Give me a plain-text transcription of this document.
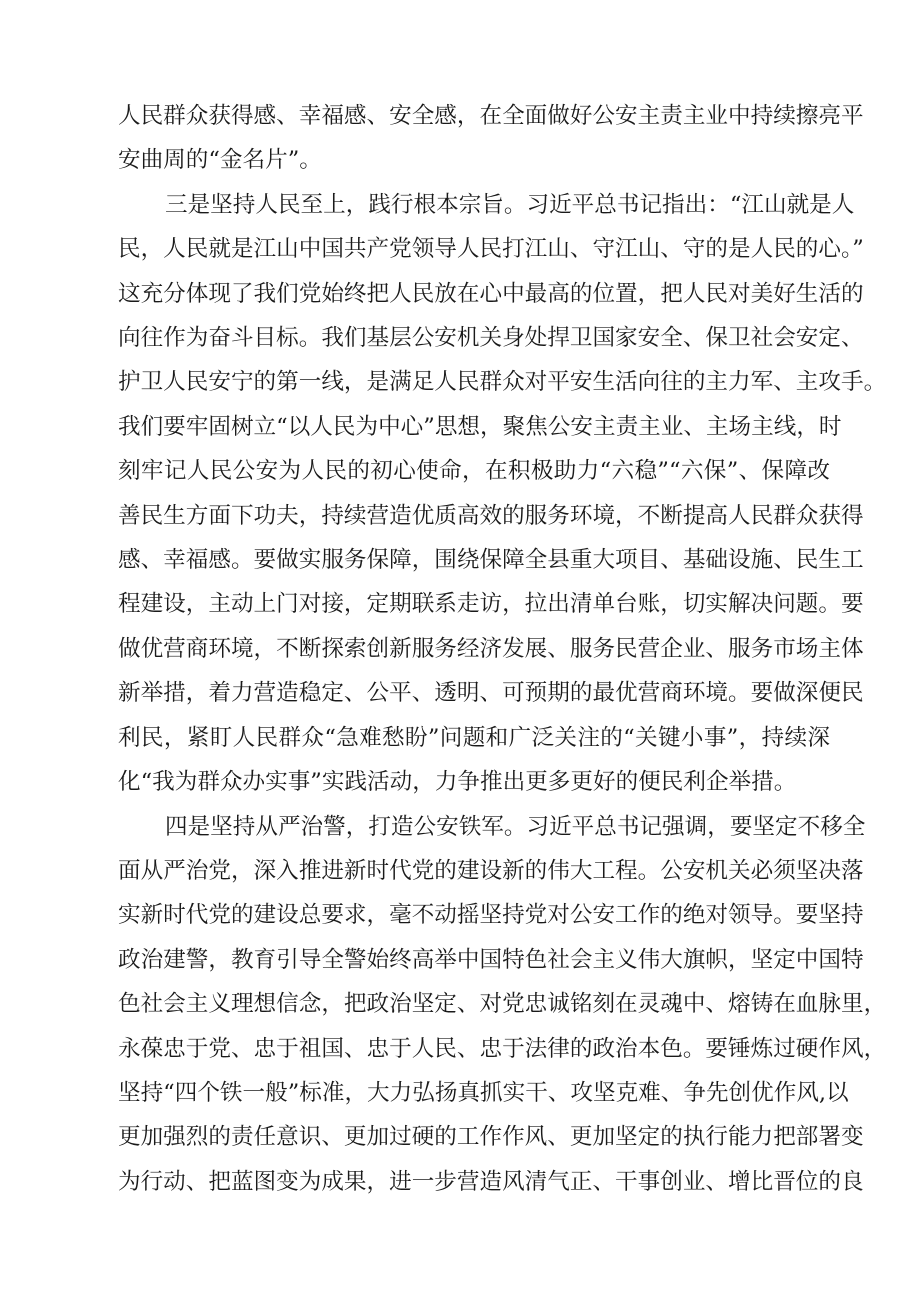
人民群众获得感、幸福感、安全感，在全面做好公安主责主业中持续擦亮平
安曲周的“金名片”。
三是坚持人民至上，践行根本宗旨。习近平总书记指出：“江山就是人
民，人民就是江山中国共产党领导人民打江山、守江山、守的是人民的心。”
这充分体现了我们党始终把人民放在心中最高的位置，把人民对美好生活的
向往作为奋斗目标。我们基层公安机关身处捍卫国家安全、保卫社会安定、
护卫人民安宁的第一线，是满足人民群众对平安生活向往的主力军、主攻手。
我们要牢固树立“以人民为中心”思想，聚焦公安主责主业、主场主线，时
刻牢记人民公安为人民的初心使命，在积极助力“六稳”“六保”、保障改
善民生方面下功夫，持续营造优质高效的服务环境，不断提高人民群众获得
感、幸福感。要做实服务保障，围绕保障全县重大项目、基础设施、民生工
程建设，主动上门对接，定期联系走访，拉出清单台账，切实解决问题。要
做优营商环境，不断探索创新服务经济发展、服务民营企业、服务市场主体
新举措，着力营造稳定、公平、透明、可预期的最优营商环境。要做深便民
利民，紧盯人民群众“急难愁盼”问题和广泛关注的“关键小事”，持续深
化“我为群众办实事”实践活动，力争推出更多更好的便民利企举措。
四是坚持从严治警，打造公安铁军。习近平总书记强调，要坚定不移全
面从严治党，深入推进新时代党的建设新的伟大工程。公安机关必须坚决落
实新时代党的建设总要求，毫不动摇坚持党对公安工作的绝对领导。要坚持
政治建警，教育引导全警始终高举中国特色社会主义伟大旗帜，坚定中国特
色社会主义理想信念，把政治坚定、对党忠诚铭刻在灵魂中、熔铸在血脉里，
永葆忠于党、忠于祖国、忠于人民、忠于法律的政治本色。要锤炼过硬作风，
坚持“四个铁一般”标准，大力弘扬真抓实干、攻坚克难、争先创优作风,以
更加强烈的责任意识、更加过硬的工作作风、更加坚定的执行能力把部署变
为行动、把蓝图变为成果，进一步营造风清气正、干事创业、增比晋位的良
